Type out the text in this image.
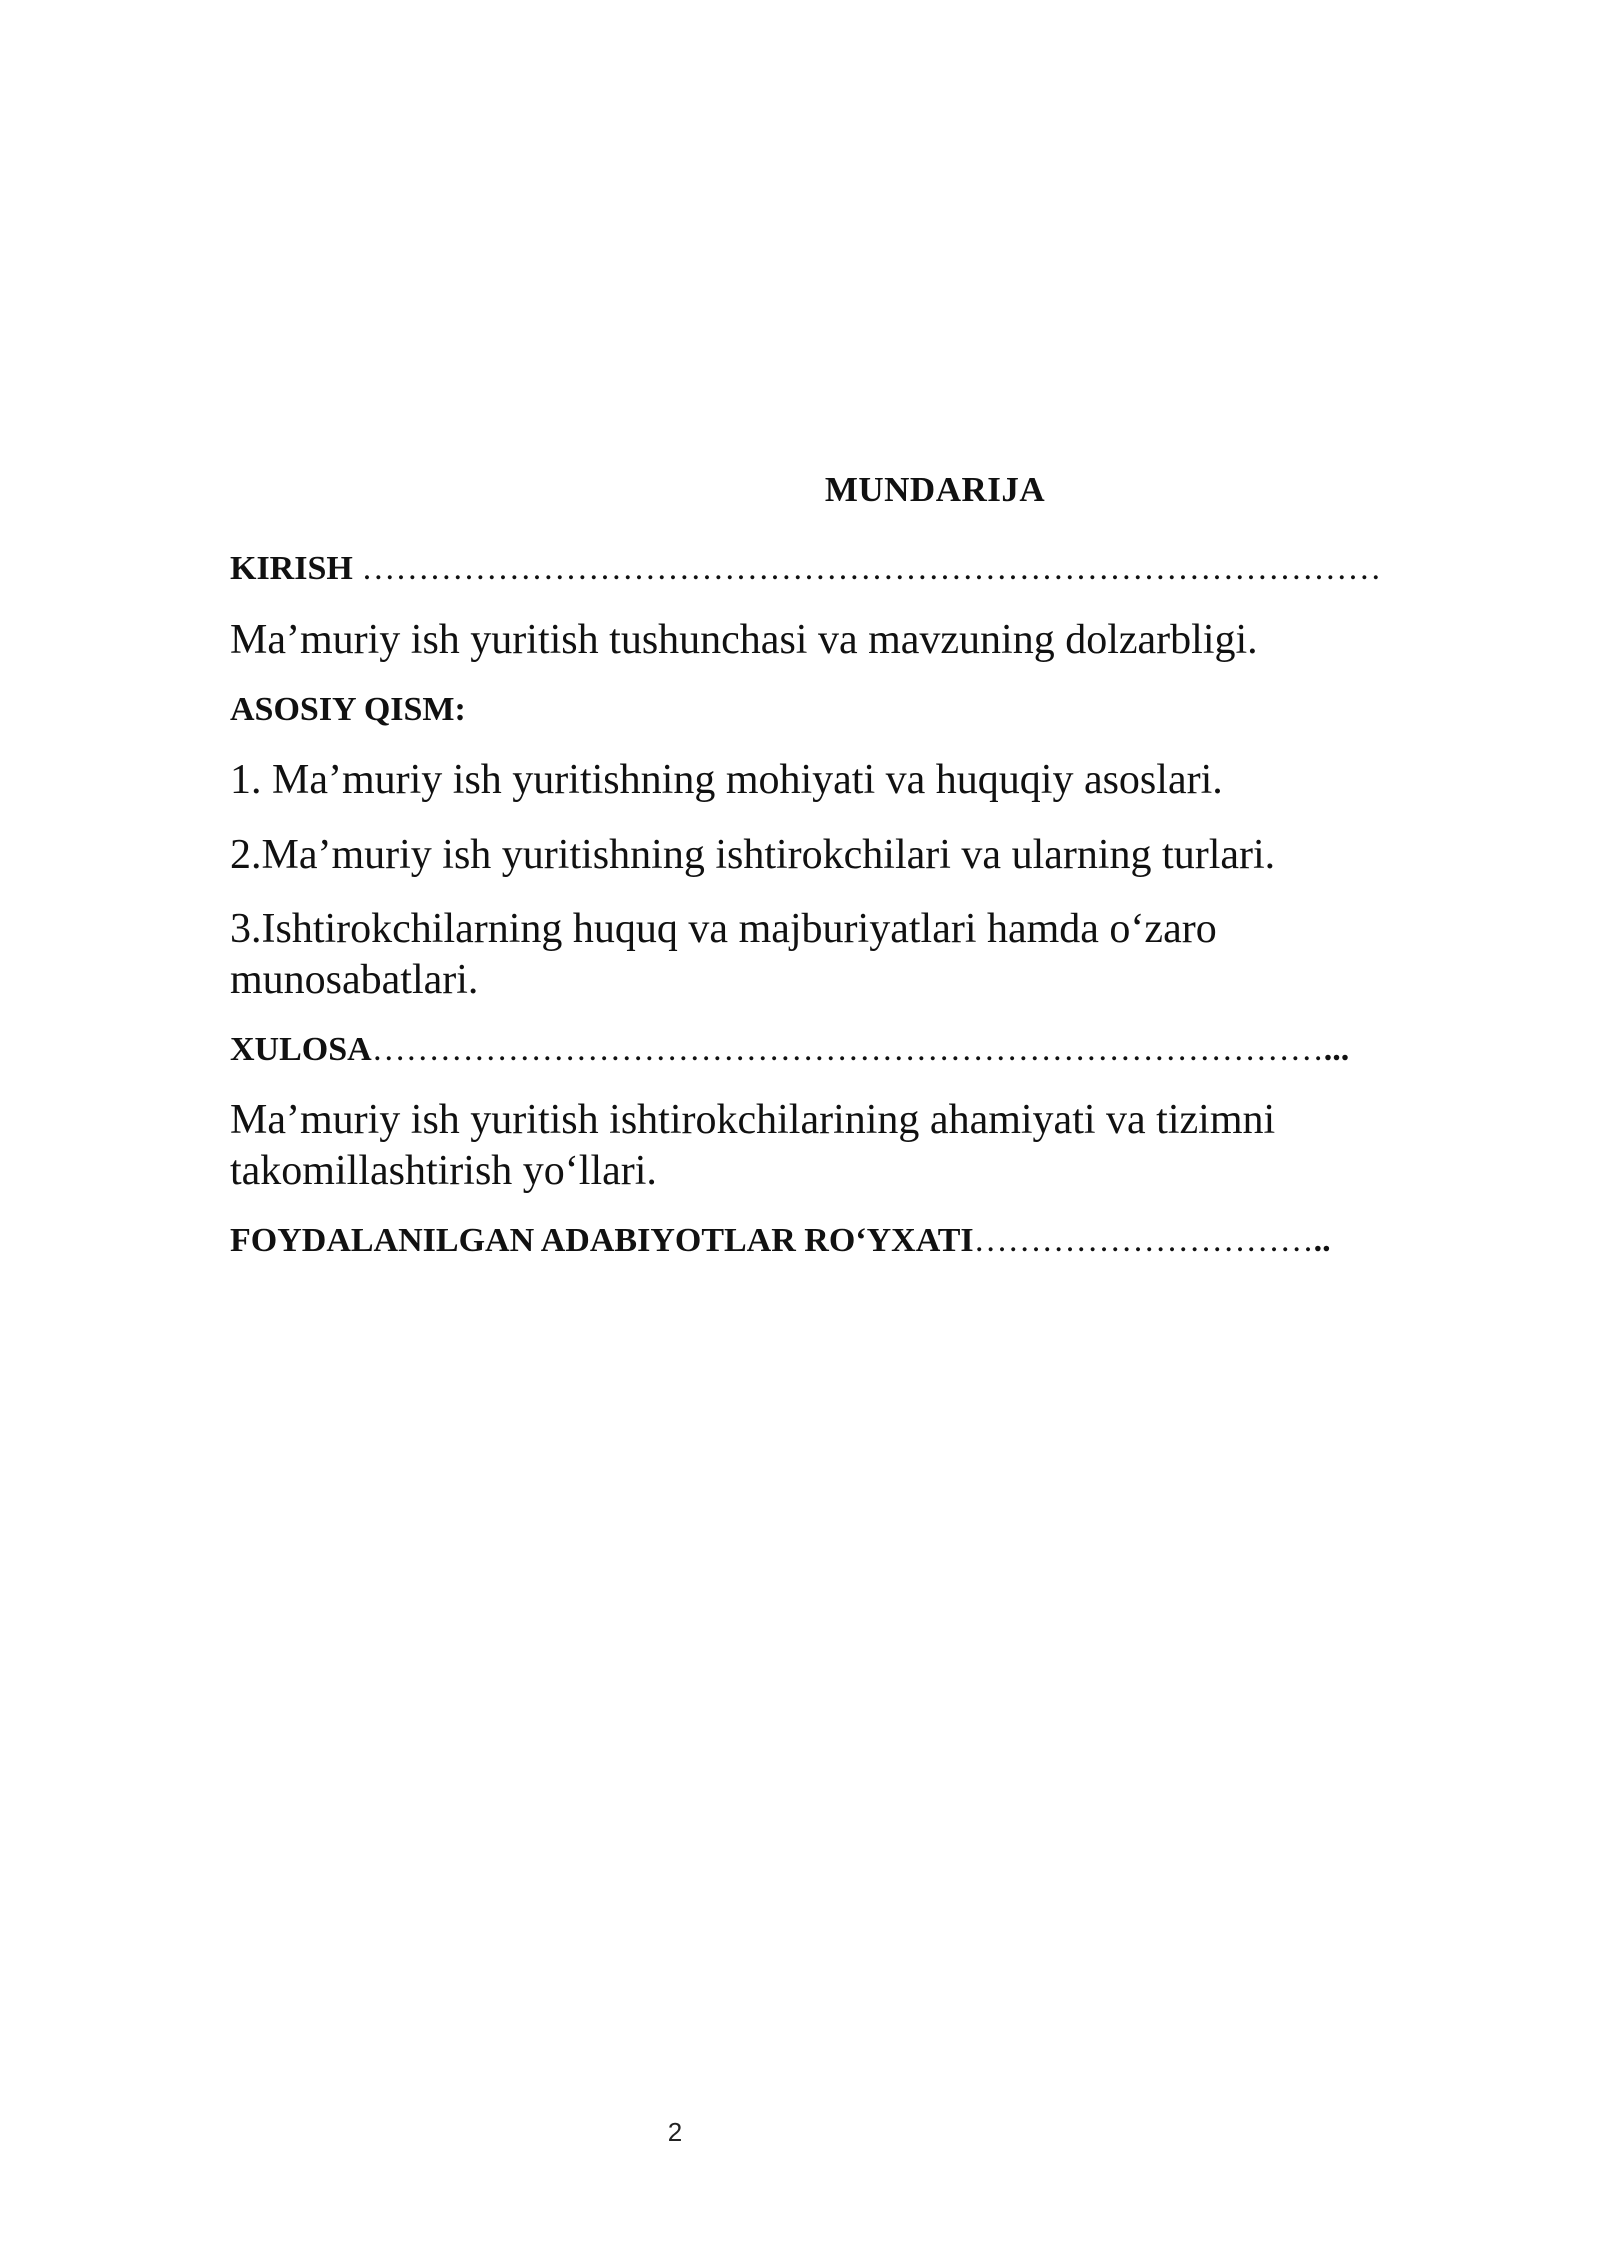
MUNDARIJA
KIRISH ………………………………………………………………………………
Ma’muriy ish yuritish tushunchasi va mavzuning dolzarbligi.
ASOSIY QISM:
1. Ma’muriy ish yuritishning mohiyati va huquqiy asoslari.
2.Ma’muriy ish yuritishning ishtirokchilari va ularning turlari.
3.Ishtirokchilarning huquq va majburiyatlari hamda o‘zaro munosabatlari.
XULOSA…………………………………………………………………………...
Ma’muriy ish yuritish ishtirokchilarining ahamiyati va tizimni takomillashtirish yo‘llari.
FOYDALANILGAN ADABIYOTLAR RO‘YXATI…………………………..
2
